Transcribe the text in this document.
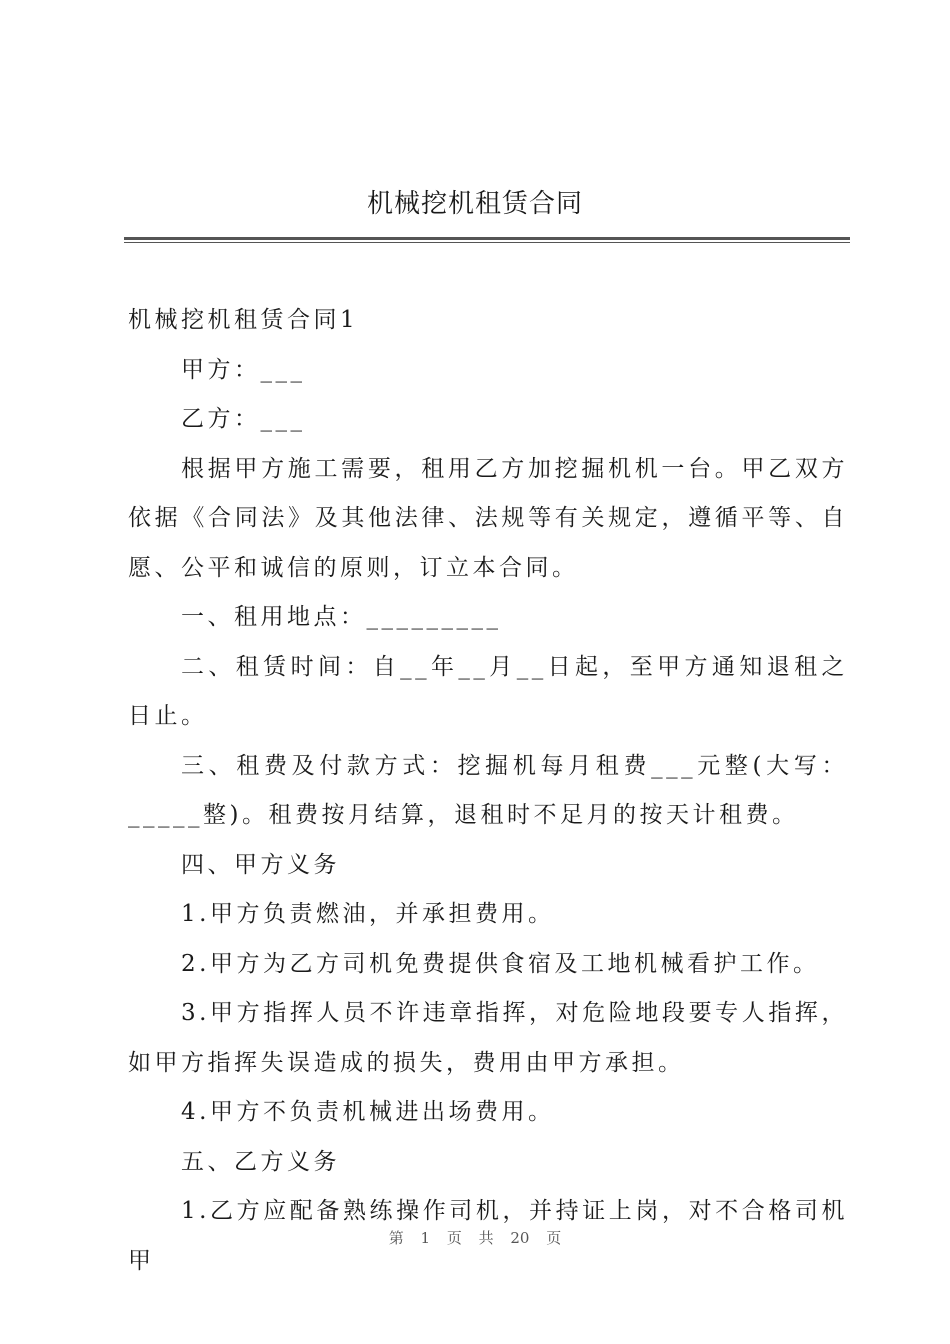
机械挖机租赁合同

机械挖机租赁合同1

甲方：___

乙方：___

根据甲方施工需要，租用乙方加挖掘机机一台。甲乙双方依据《合同法》及其他法律、法规等有关规定，遵循平等、自愿、公平和诚信的原则，订立本合同。

一、租用地点：_________

二、租赁时间：自__年__月__日起，至甲方通知退租之日止。

三、租费及付款方式：挖掘机每月租费___元整(大写：_____整)。租费按月结算，退租时不足月的按天计租费。

四、甲方义务

1.甲方负责燃油，并承担费用。

2.甲方为乙方司机免费提供食宿及工地机械看护工作。

3.甲方指挥人员不许违章指挥，对危险地段要专人指挥，如甲方指挥失误造成的损失，费用由甲方承担。

4.甲方不负责机械进出场费用。

五、乙方义务

1.乙方应配备熟练操作司机，并持证上岗，对不合格司机甲

第 1 页 共 20 页
